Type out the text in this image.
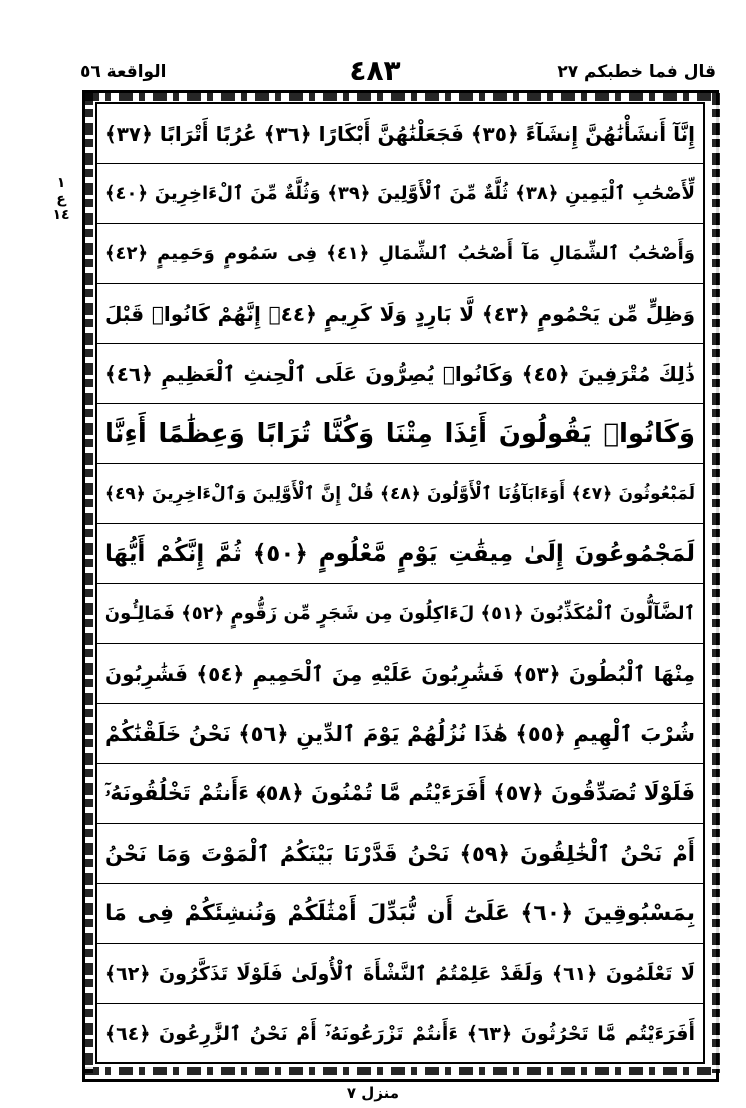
الواقعة ٥٦	٤٨٣	قال فما خطبكم ٢٧
١
ع
١٤
إِنَّآ أَنشَأْنَٰهُنَّ إِنشَآءً ﴿٣٥﴾ فَجَعَلْنَٰهُنَّ أَبْكَارًا ﴿٣٦﴾ عُرُبًا أَتْرَابًا ﴿٣٧﴾
لِّأَصْحَٰبِ ٱلْيَمِينِ ﴿٣٨﴾ ثُلَّةٌ مِّنَ ٱلْأَوَّلِينَ ﴿٣٩﴾ وَثُلَّةٌ مِّنَ ٱلْءَاخِرِينَ ﴿٤٠﴾
وَأَصْحَٰبُ ٱلشِّمَالِ مَآ أَصْحَٰبُ ٱلشِّمَالِ ﴿٤١﴾ فِى سَمُومٍ وَحَمِيمٍ ﴿٤٢﴾
وَظِلٍّ مِّن يَحْمُومٍ ﴿٤٣﴾ لَّا بَارِدٍ وَلَا كَرِيمٍ ﴿٤٤﴾ إِنَّهُمْ كَانُوا۟ قَبْلَ
ذَٰلِكَ مُتْرَفِينَ ﴿٤٥﴾ وَكَانُوا۟ يُصِرُّونَ عَلَى ٱلْحِنثِ ٱلْعَظِيمِ ﴿٤٦﴾
وَكَانُوا۟ يَقُولُونَ أَئِذَا مِتْنَا وَكُنَّا تُرَابًا وَعِظَٰمًا أَءِنَّا
لَمَبْعُوثُونَ ﴿٤٧﴾ أَوَءَابَآؤُنَا ٱلْأَوَّلُونَ ﴿٤٨﴾ قُلْ إِنَّ ٱلْأَوَّلِينَ وَٱلْءَاخِرِينَ ﴿٤٩﴾
لَمَجْمُوعُونَ إِلَىٰ مِيقَٰتِ يَوْمٍ مَّعْلُومٍ ﴿٥٠﴾ ثُمَّ إِنَّكُمْ أَيُّهَا
ٱلضَّآلُّونَ ٱلْمُكَذِّبُونَ ﴿٥١﴾ لَءَاكِلُونَ مِن شَجَرٍ مِّن زَقُّومٍ ﴿٥٢﴾ فَمَالِـُٔونَ
مِنْهَا ٱلْبُطُونَ ﴿٥٣﴾ فَشَٰرِبُونَ عَلَيْهِ مِنَ ٱلْحَمِيمِ ﴿٥٤﴾ فَشَٰرِبُونَ
شُرْبَ ٱلْهِيمِ ﴿٥٥﴾ هَٰذَا نُزُلُهُمْ يَوْمَ ٱلدِّينِ ﴿٥٦﴾ نَحْنُ خَلَقْنَٰكُمْ
فَلَوْلَا تُصَدِّقُونَ ﴿٥٧﴾ أَفَرَءَيْتُم مَّا تُمْنُونَ ﴿٥٨﴾ ءَأَنتُمْ تَخْلُقُونَهُۥٓ
أَمْ نَحْنُ ٱلْخَٰلِقُونَ ﴿٥٩﴾ نَحْنُ قَدَّرْنَا بَيْنَكُمُ ٱلْمَوْتَ وَمَا نَحْنُ
بِمَسْبُوقِينَ ﴿٦٠﴾ عَلَىٰٓ أَن نُّبَدِّلَ أَمْثَٰلَكُمْ وَنُنشِئَكُمْ فِى مَا
لَا تَعْلَمُونَ ﴿٦١﴾ وَلَقَدْ عَلِمْتُمُ ٱلنَّشْأَةَ ٱلْأُولَىٰ فَلَوْلَا تَذَكَّرُونَ ﴿٦٢﴾
أَفَرَءَيْتُم مَّا تَحْرُثُونَ ﴿٦٣﴾ ءَأَنتُمْ تَزْرَعُونَهُۥٓ أَمْ نَحْنُ ٱلزَّٰرِعُونَ ﴿٦٤﴾
منزل ٧
